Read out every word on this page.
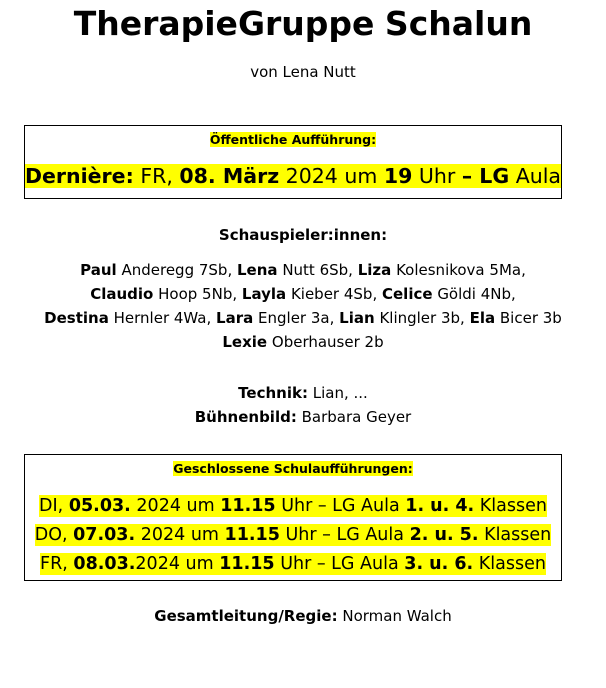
TherapieGruppe Schalun
von Lena Nutt
Öffentliche Aufführung:
Dernière: FR, 08. März 2024 um 19 Uhr – LG Aula
Schauspieler:innen:
Paul Anderegg 7Sb, Lena Nutt 6Sb, Liza Kolesnikova 5Ma,
Claudio Hoop 5Nb, Layla Kieber 4Sb, Celice Göldi 4Nb,
Destina Hernler 4Wa, Lara Engler 3a, Lian Klingler 3b, Ela Bicer 3b
Lexie Oberhauser 2b
Technik: Lian, ...
Bühnenbild: Barbara Geyer
Geschlossene Schulaufführungen:
DI, 05.03. 2024 um 11.15 Uhr – LG Aula 1. u. 4. Klassen
DO, 07.03. 2024 um 11.15 Uhr – LG Aula 2. u. 5. Klassen
FR, 08.03.2024 um 11.15 Uhr – LG Aula 3. u. 6. Klassen
Gesamtleitung/Regie: Norman Walch
